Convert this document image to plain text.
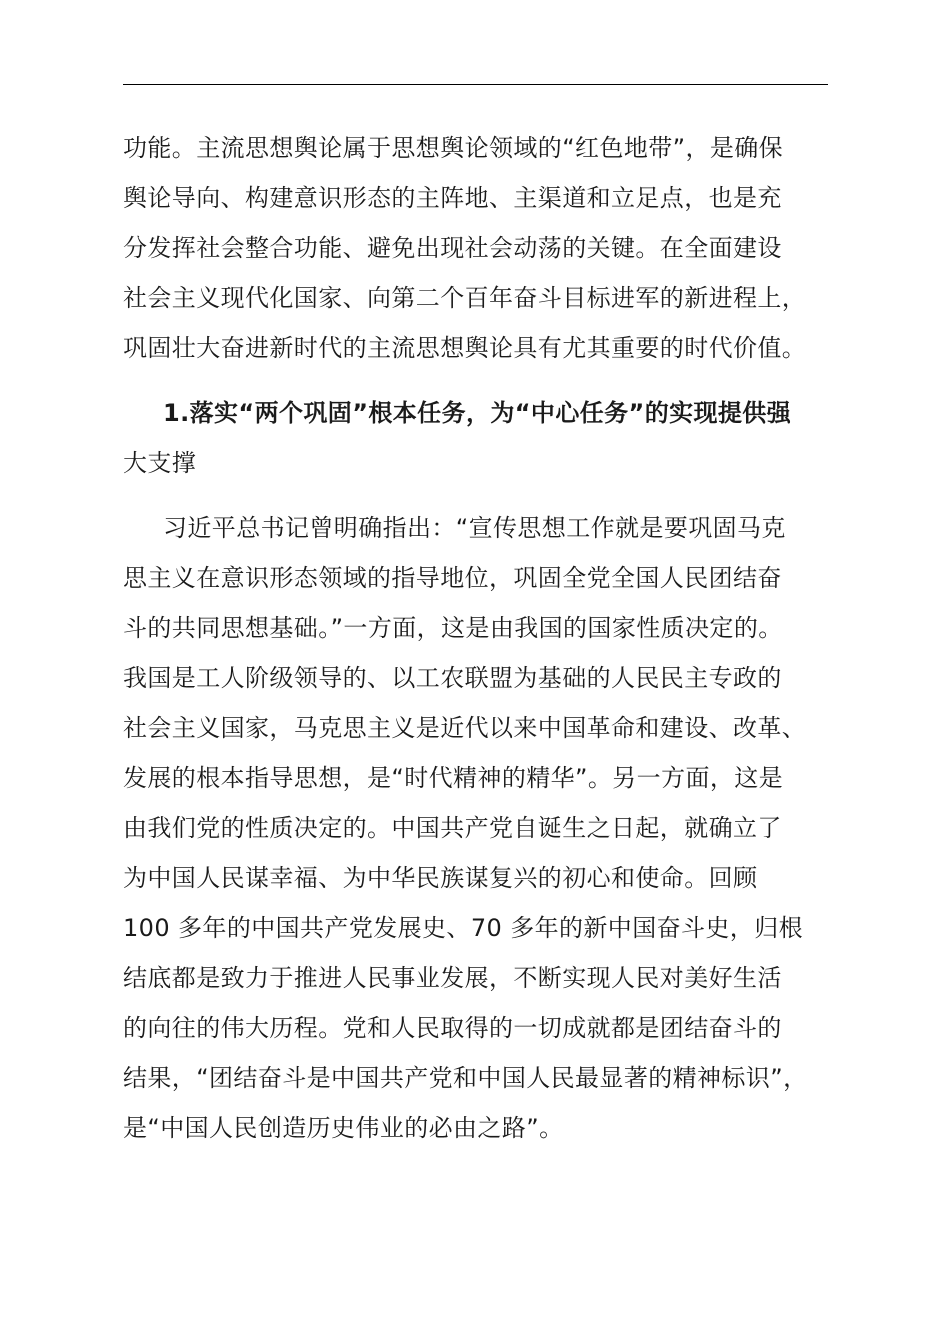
功能。主流思想舆论属于思想舆论领域的“红色地带”，是确保
舆论导向、构建意识形态的主阵地、主渠道和立足点，也是充
分发挥社会整合功能、避免出现社会动荡的关键。在全面建设
社会主义现代化国家、向第二个百年奋斗目标进军的新进程上，
巩固壮大奋进新时代的主流思想舆论具有尤其重要的时代价值。
1.落实“两个巩固”根本任务，为“中心任务”的实现提供强
大支撑
习近平总书记曾明确指出：“宣传思想工作就是要巩固马克
思主义在意识形态领域的指导地位，巩固全党全国人民团结奋
斗的共同思想基础。”一方面，这是由我国的国家性质决定的。
我国是工人阶级领导的、以工农联盟为基础的人民民主专政的
社会主义国家，马克思主义是近代以来中国革命和建设、改革、
发展的根本指导思想，是“时代精神的精华”。另一方面，这是
由我们党的性质决定的。中国共产党自诞生之日起，就确立了
为中国人民谋幸福、为中华民族谋复兴的初心和使命。回顾
100 多年的中国共产党发展史、70 多年的新中国奋斗史，归根
结底都是致力于推进人民事业发展，不断实现人民对美好生活
的向往的伟大历程。党和人民取得的一切成就都是团结奋斗的
结果，“团结奋斗是中国共产党和中国人民最显著的精神标识”，
是“中国人民创造历史伟业的必由之路”。
